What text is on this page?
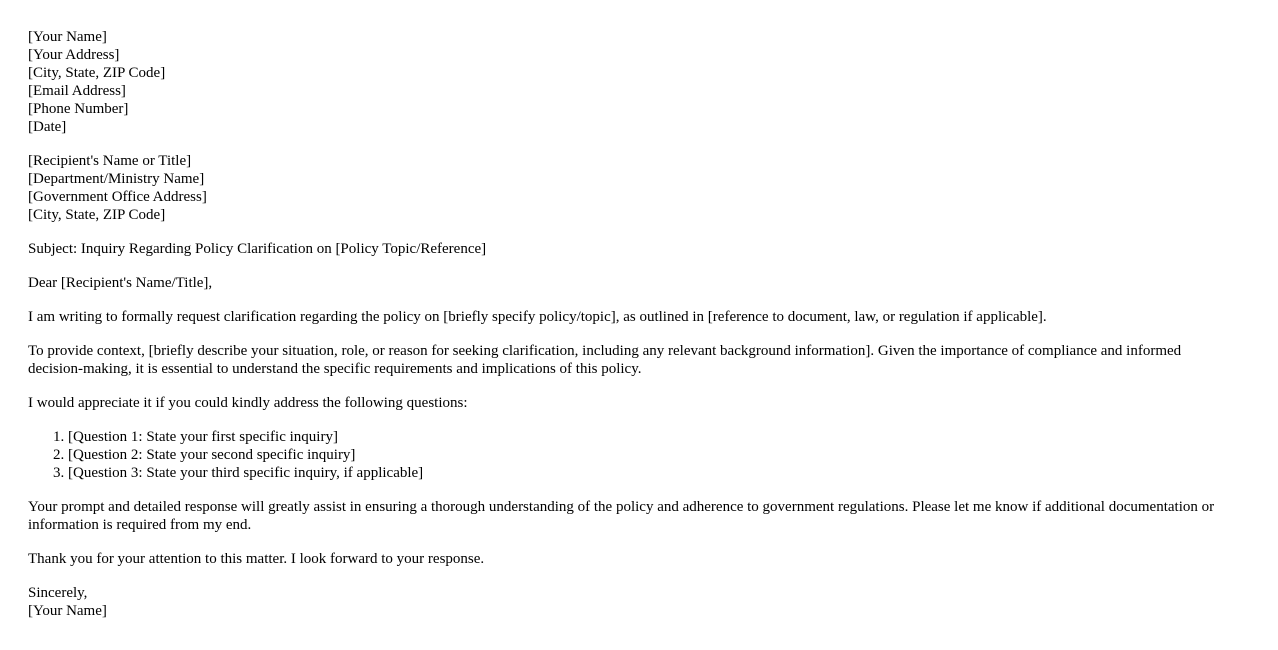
[Your Name]
[Your Address]
[City, State, ZIP Code]
[Email Address]
[Phone Number]
[Date]
[Recipient's Name or Title]
[Department/Ministry Name]
[Government Office Address]
[City, State, ZIP Code]

Subject: Inquiry Regarding Policy Clarification on [Policy Topic/Reference]

Dear [Recipient's Name/Title],

I am writing to formally request clarification regarding the policy on [briefly specify policy/topic], as outlined in [reference to document, law, or regulation if applicable].

To provide context, [briefly describe your situation, role, or reason for seeking clarification, including any relevant background information]. Given the importance of compliance and informed decision-making, it is essential to understand the specific requirements and implications of this policy.

I would appreciate it if you could kindly address the following questions:

1. [Question 1: State your first specific inquiry]
2. [Question 2: State your second specific inquiry]
3. [Question 3: State your third specific inquiry, if applicable]

Your prompt and detailed response will greatly assist in ensuring a thorough understanding of the policy and adherence to government regulations. Please let me know if additional documentation or information is required from my end.

Thank you for your attention to this matter. I look forward to your response.

Sincerely,
[Your Name]
